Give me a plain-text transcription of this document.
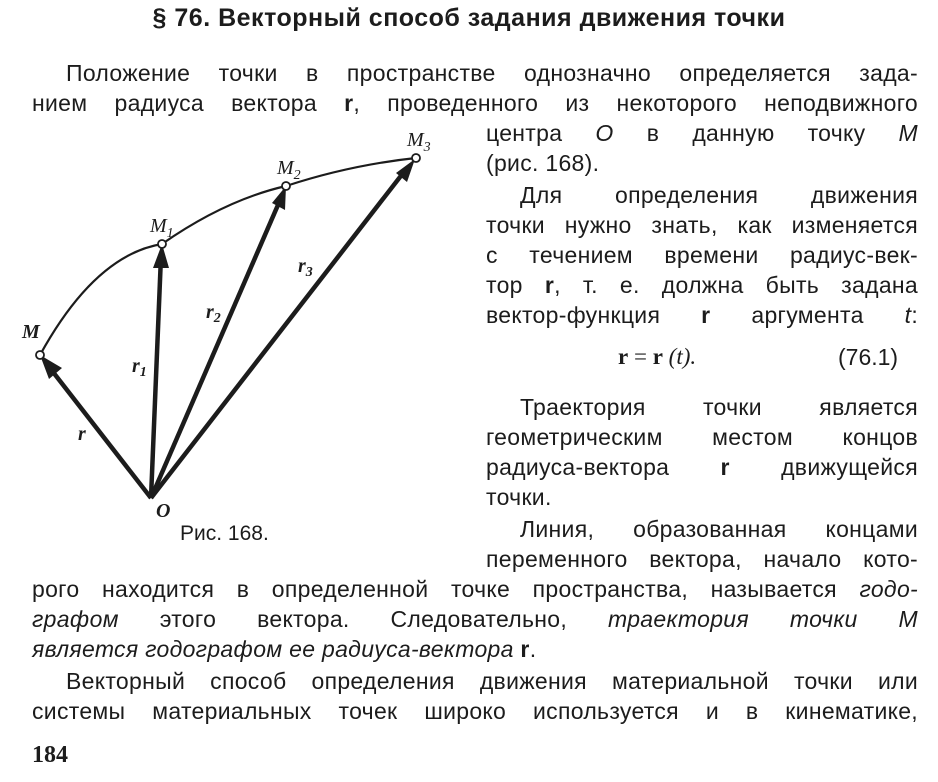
§ 76. Векторный способ задания движения точки
Положение точки в пространстве однозначно определяется зада-
нием радиуса вектора r, проведенного из некоторого неподвижного
центра O в данную точку M
(рис. 168).
Для определения движения
точки нужно знать, как изменяется
с течением времени радиус-век-
тор r, т. е. должна быть задана
вектор-функция r аргумента t:
r = r (t).	(76.1)
Траектория точки является
геометрическим местом концов
радиуса-вектора r движущейся
точки.
Линия, образованная концами
переменного вектора, начало кото-
рого находится в определенной точке пространства, называется годо-
графом этого вектора. Следовательно, траектория точки M
является годографом ее радиуса-вектора r.
Векторный способ определения движения материальной точки или
системы материальных точек широко используется и в кинематике,
184
M
$M_1$
$M_2$
$M_3$
O
r
$r_1$
$r_2$
$r_3$
Рис. 168.
